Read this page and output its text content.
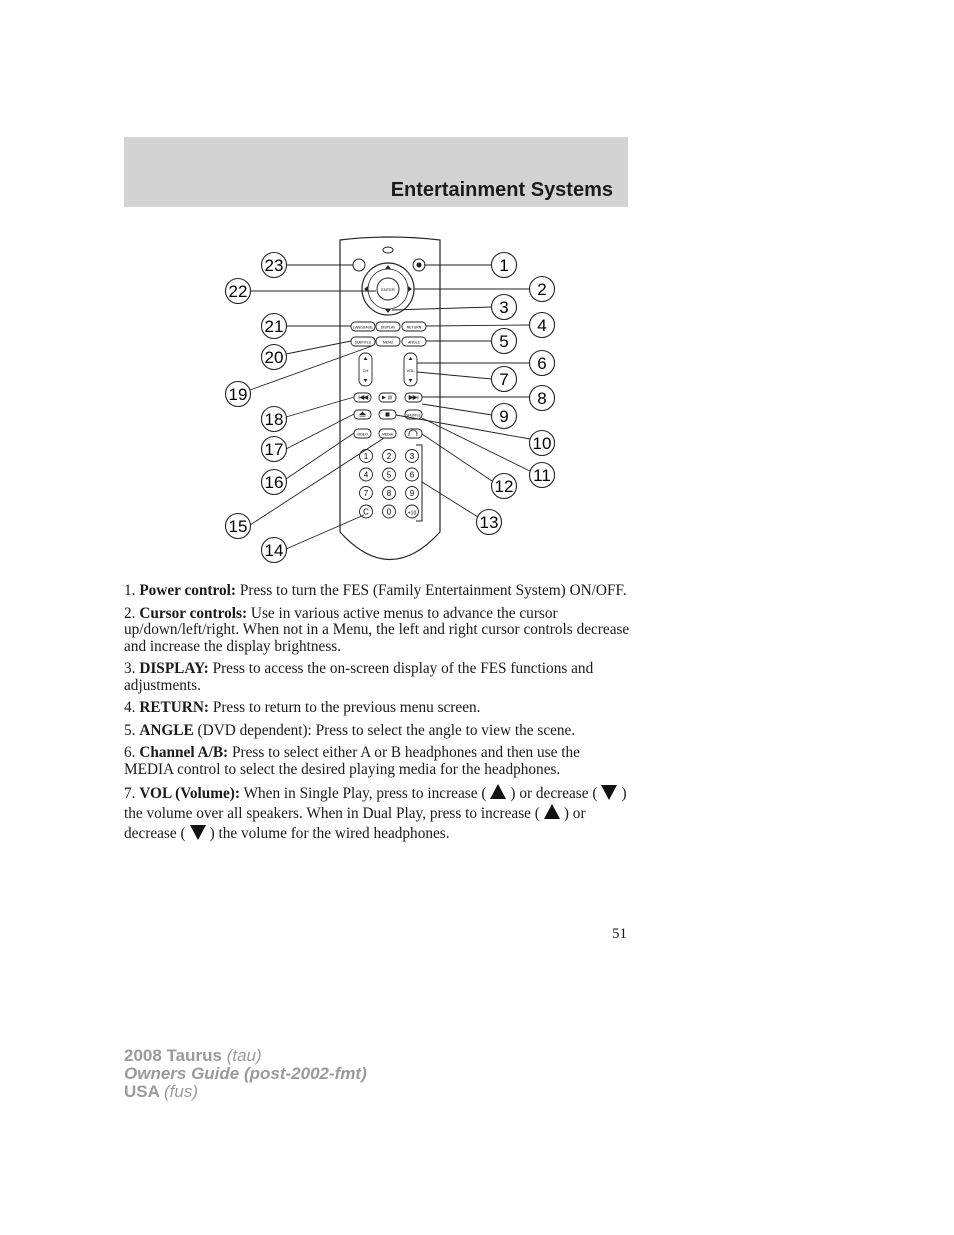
Entertainment Systems
ENTER
LANGUAGE DISPLAY	RETURN
SUBTITLE	MENU	ANGLE
CH	VOL
SHUFFLE
VIDEO	MEDIA
1 2 3
4 5 6
7 8 9
C 0	+10
1
2
3
4
5
6
7
8
9
10
11
12
13
14
15
16
17
18
19
20
21
22
23

1. Power control: Press to turn the FES (Family Entertainment System) ON/OFF.

2. Cursor controls: Use in various active menus to advance the cursor up/down/left/right. When not in a Menu, the left and right cursor controls decrease and increase the display brightness.

3. DISPLAY: Press to access the on-screen display of the FES functions and adjustments.

4. RETURN: Press to return to the previous menu screen.

5. ANGLE (DVD dependent): Press to select the angle to view the scene.

6. Channel A/B: Press to select either A or B headphones and then use the MEDIA control to select the desired playing media for the headphones.

7. VOL (Volume): When in Single Play, press to increase ( ) or decrease ( ) the volume over all speakers. When in Dual Play, press to increase ( ) or decrease ( ) the volume for the wired headphones.

51
2008 Taurus (tau)
Owners Guide (post-2002-fmt)
USA (fus)
